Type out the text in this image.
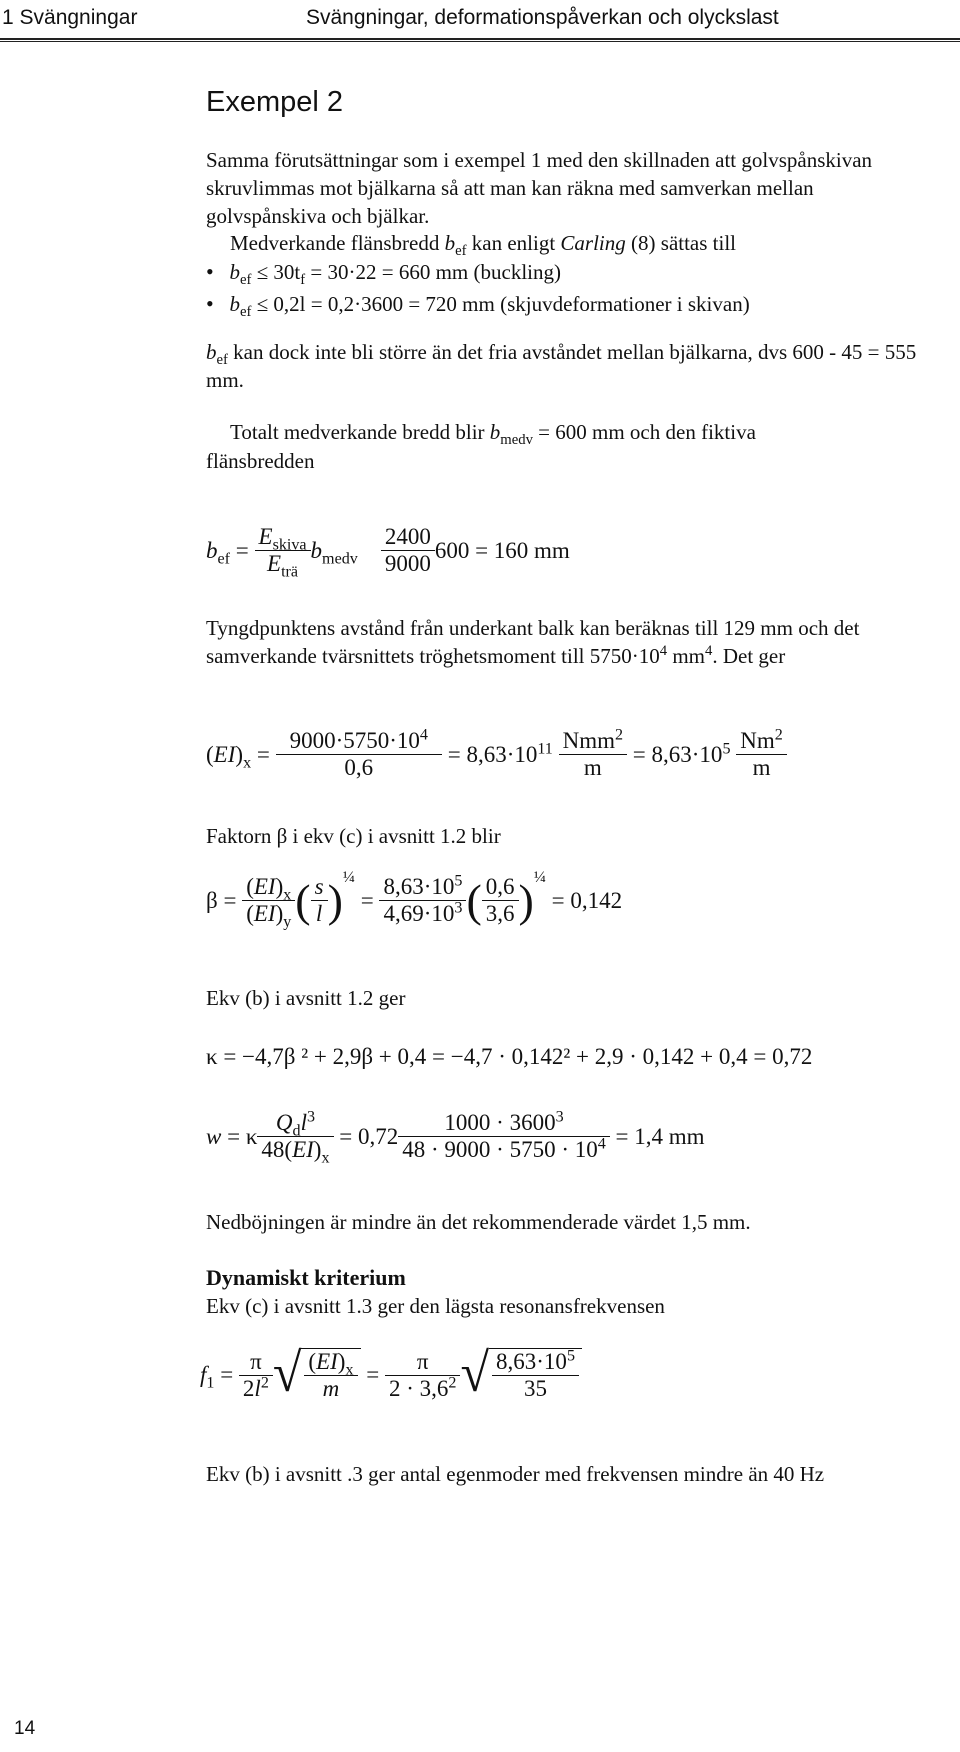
1 Svängningar	Svängningar, deformationspåverkan och olyckslast
Exempel 2
Samma förutsättningar som i exempel 1 med den skillnaden att golvspånskivan skruvlimmas mot bjälkarna så att man kan räkna med samverkan mellan golvspånskiva och bjälkar.
Medverkande flänsbredd $b_{ef}$ kan enligt Carling (8) sättas till
• $b_{ef} \le 30t_f = 30\cdot 22 = 660$ mm (buckling)
• $b_{ef} \le 0,2l = 0,2\cdot 3600 = 720$ mm (skjuvdeformationer i skivan)
$b_{ef}$ kan dock inte bli större än det fria avståndet mellan bjälkarna, dvs 600 - 45 = 555 mm.
Totalt medverkande bredd blir $b_{medv} = 600$ mm och den fiktiva
flänsbredden
$b_{ef} = \frac{E_{skiva}}{E_{trä}} b_{medv}$	$\frac{2400}{9000} 600 = 160$ mm
Tyngdpunktens avstånd från underkant balk kan beräknas till 129 mm och det samverkande tvärsnittets tröghetsmoment till $5750\cdot 10^4$ $mm^4$. Det ger
$(EI)_x = \frac{9000\cdot 5750\cdot 10^4}{0,6} = 8,63\cdot 10^{11} \frac{Nmm^2}{m} = 8,63\cdot 10^5 \frac{Nm^2}{m}$
Faktorn β i ekv (c) i avsnitt 1.2 blir
$\beta = \frac{(EI)_x}{(EI)_y}$ ( $\frac{s}{l}$ ) ¼
= $\frac{8,63\cdot 10^5}{4,69\cdot 10^3}$ ( $\frac{0,6}{3,6}$ ) ¼
= 0,142
Ekv (b) i avsnitt 1.2 ger
κ = −4,7β ² + 2,9β + 0,4 = −4,7 · 0,142² + 2,9 · 0,142 + 0,4 = 0,72
w = κ $\frac{Q_dl^3}{48(EI)_x} = 0,72 \frac{1000 \cdot 3600^3}{48 \cdot 9000 \cdot 5750 \cdot 10^4} = 1,4$ mm
Nedböjningen är mindre än det rekommenderade värdet 1,5 mm.
Dynamiskt kriterium
Ekv (c) i avsnitt 1.3 ger den lägsta resonansfrekvensen
$f_1 = \frac{\pi}{2l^2}$ √ $\frac{(EI)_x}{m} = \frac{\pi}{2 \cdot 3,6^2}$ √ $\frac{8,63\cdot 10^5}{35}$
Ekv (b) i avsnitt .3 ger antal egenmoder med frekvensen mindre än 40 Hz
14
